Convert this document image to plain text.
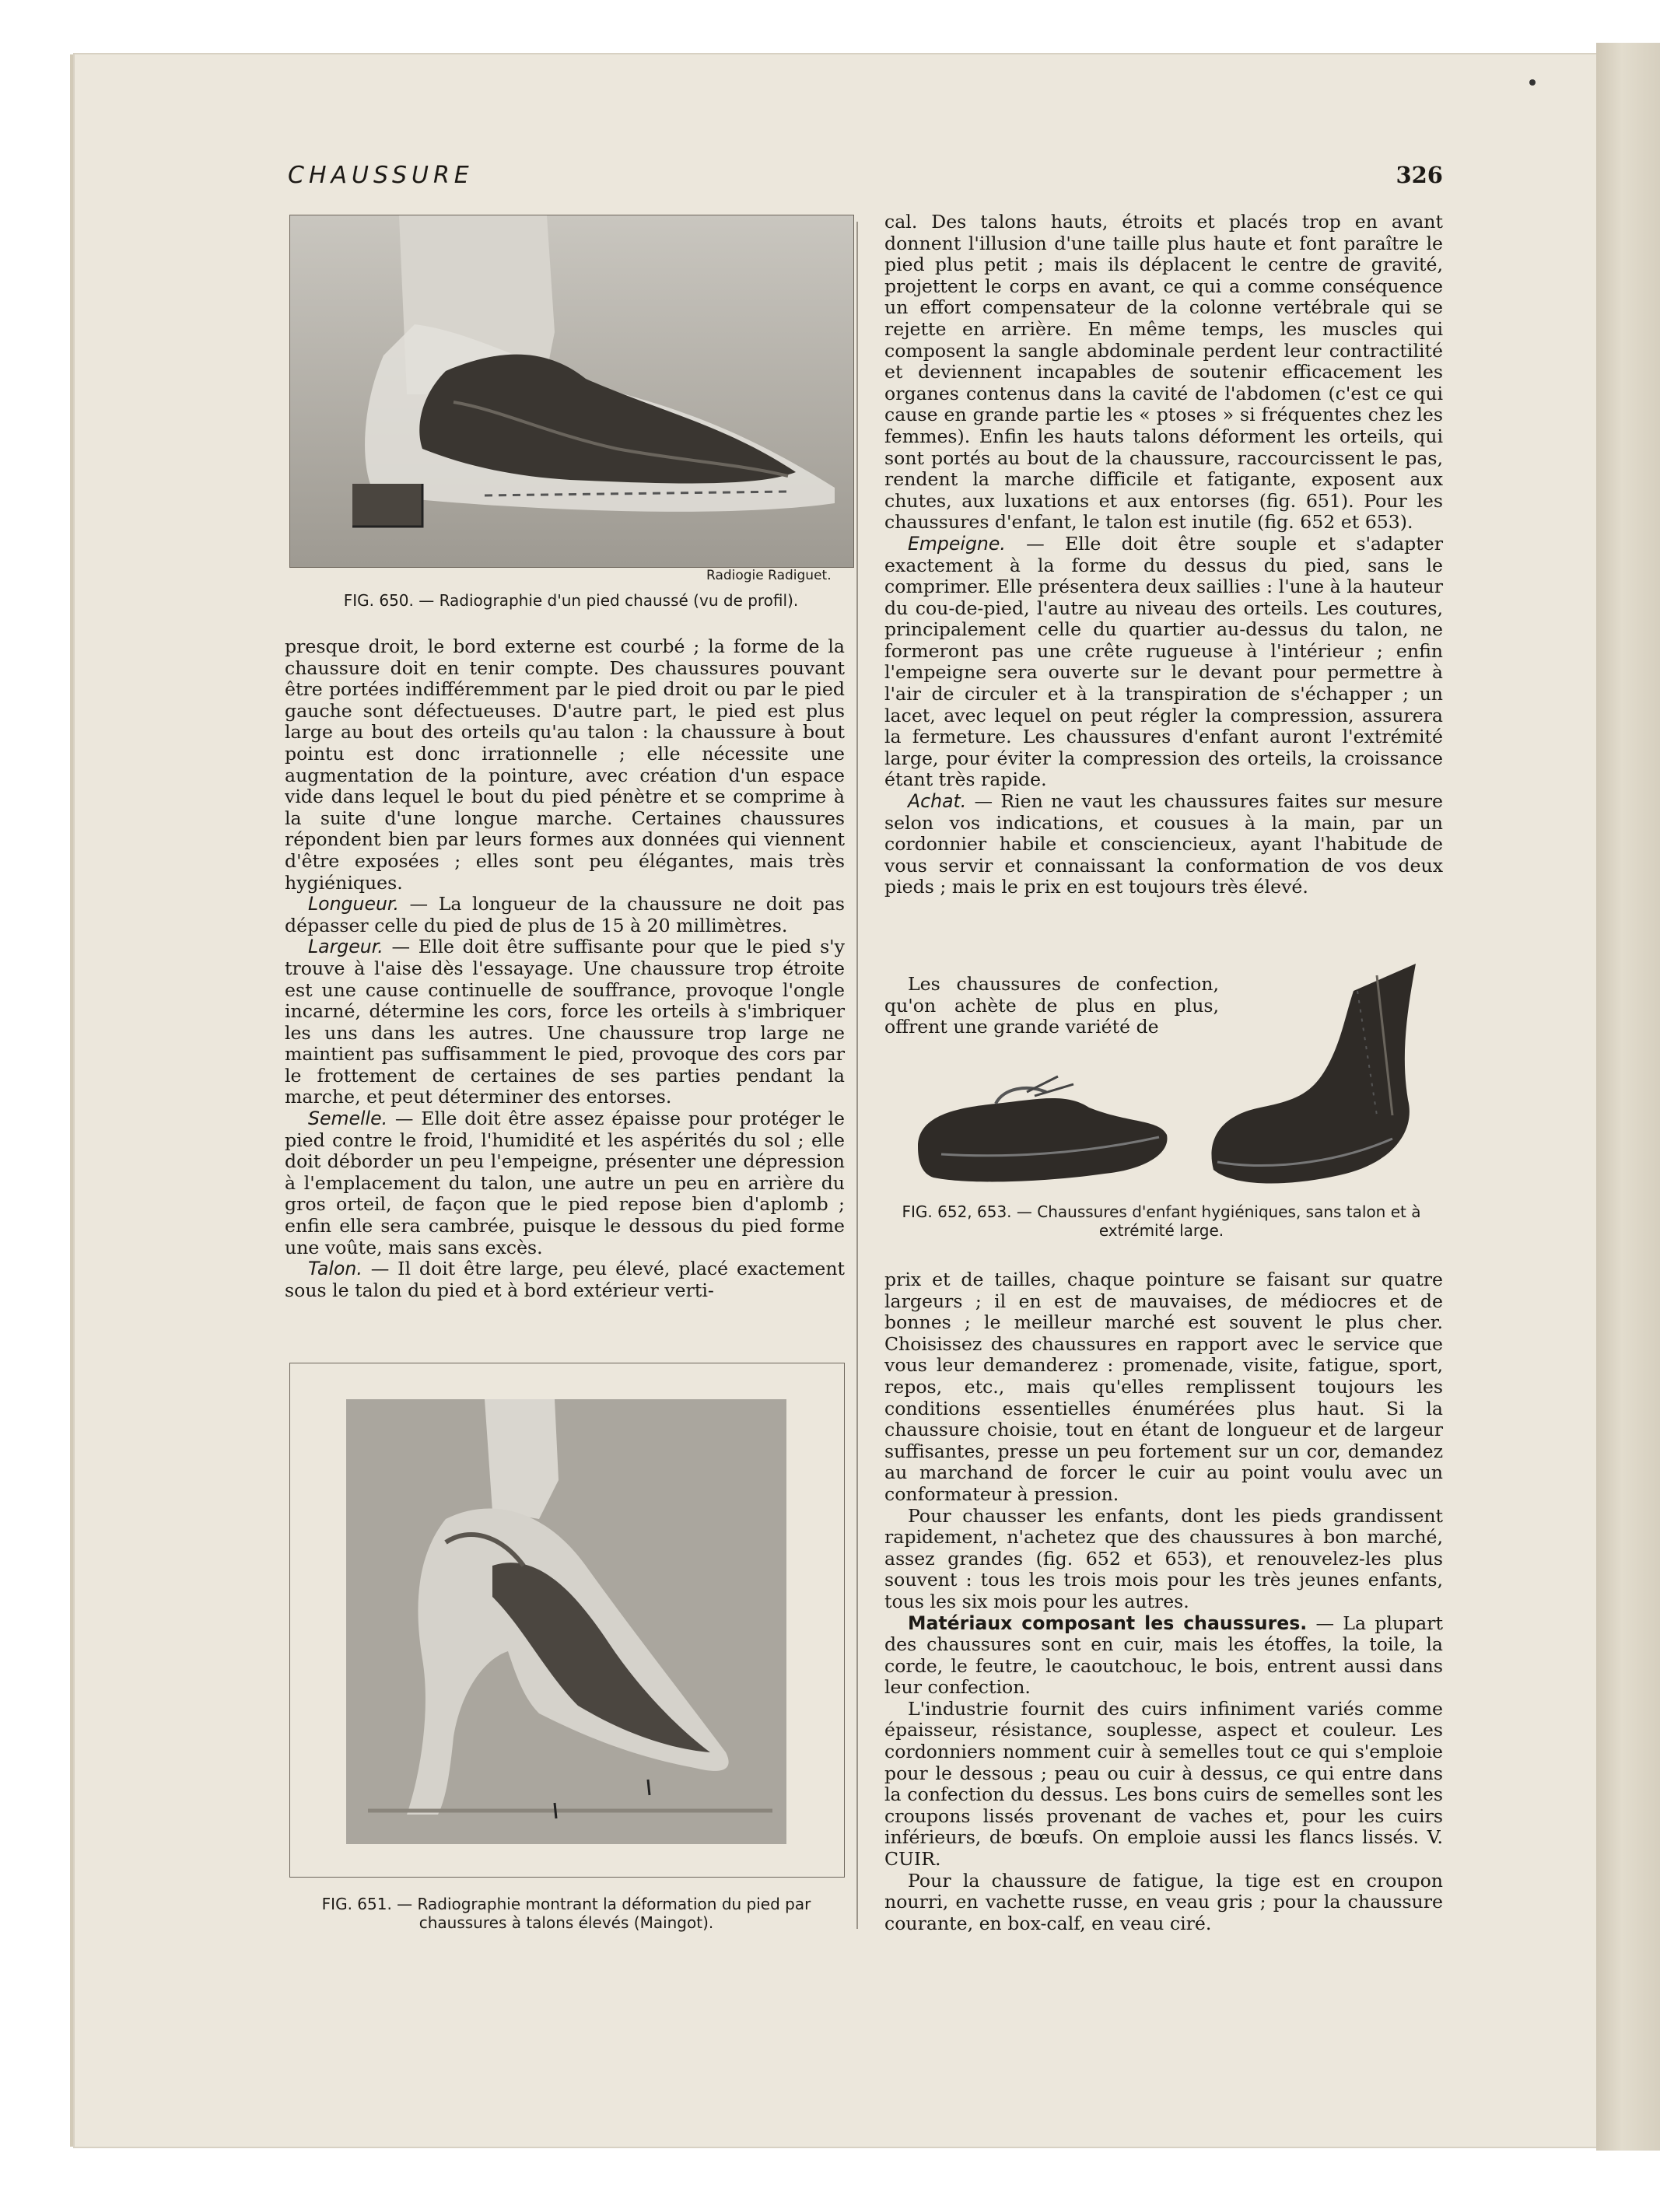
CHAUSSURE	326
Radiogie Radiguet.
FIG. 650. — Radiographie d'un pied chaussé (vu de profil).

presque droit, le bord externe est courbé ; la forme de la chaussure doit en tenir compte. Des chaussures pouvant être portées indifféremment par le pied droit ou par le pied gauche sont défectueuses. D'autre part, le pied est plus large au bout des orteils qu'au talon : la chaussure à bout pointu est donc irrationnelle ; elle nécessite une augmentation de la pointure, avec création d'un espace vide dans lequel le bout du pied pénètre et se comprime à la suite d'une longue marche. Certaines chaussures répondent bien par leurs formes aux données qui viennent d'être exposées ; elles sont peu élégantes, mais très hygiéniques.

Longueur. — La longueur de la chaussure ne doit pas dépasser celle du pied de plus de 15 à 20 millimètres.

Largeur. — Elle doit être suffisante pour que le pied s'y trouve à l'aise dès l'essayage. Une chaussure trop étroite est une cause continuelle de souffrance, provoque l'ongle incarné, détermine les cors, force les orteils à s'imbriquer les uns dans les autres. Une chaussure trop large ne maintient pas suffisamment le pied, provoque des cors par le frottement de certaines de ses parties pendant la marche, et peut déterminer des entorses.

Semelle. — Elle doit être assez épaisse pour protéger le pied contre le froid, l'humidité et les aspérités du sol ; elle doit déborder un peu l'empeigne, présenter une dépression à l'emplacement du talon, une autre un peu en arrière du gros orteil, de façon que le pied repose bien d'aplomb ; enfin elle sera cambrée, puisque le dessous du pied forme une voûte, mais sans excès.

Talon. — Il doit être large, peu élevé, placé exactement sous le talon du pied et à bord extérieur verti-

FIG. 651. — Radiographie montrant la déformation du pied par chaussures à talons élevés (Maingot).

cal. Des talons hauts, étroits et placés trop en avant donnent l'illusion d'une taille plus haute et font paraître le pied plus petit ; mais ils déplacent le centre de gravité, projettent le corps en avant, ce qui a comme conséquence un effort compensateur de la colonne vertébrale qui se rejette en arrière. En même temps, les muscles qui composent la sangle abdominale perdent leur contractilité et deviennent incapables de soutenir efficacement les organes contenus dans la cavité de l'abdomen (c'est ce qui cause en grande partie les « ptoses » si fréquentes chez les femmes). Enfin les hauts talons déforment les orteils, qui sont portés au bout de la chaussure, raccourcissent le pas, rendent la marche difficile et fatigante, exposent aux chutes, aux luxations et aux entorses (fig. 651). Pour les chaussures d'enfant, le talon est inutile (fig. 652 et 653).

Empeigne. — Elle doit être souple et s'adapter exactement à la forme du dessus du pied, sans le comprimer. Elle présentera deux saillies : l'une à la hauteur du cou-de-pied, l'autre au niveau des orteils. Les coutures, principalement celle du quartier au-dessus du talon, ne formeront pas une crête rugueuse à l'intérieur ; enfin l'empeigne sera ouverte sur le devant pour permettre à l'air de circuler et à la transpiration de s'échapper ; un lacet, avec lequel on peut régler la compression, assurera la fermeture. Les chaussures d'enfant auront l'extrémité large, pour éviter la compression des orteils, la croissance étant très rapide.

Achat. — Rien ne vaut les chaussures faites sur mesure selon vos indications, et cousues à la main, par un cordonnier habile et consciencieux, ayant l'habitude de vous servir et connaissant la conformation de vos deux pieds ; mais le prix en est toujours très élevé.

Les chaussures de confection, qu'on achète de plus en plus, offrent une grande variété de

FIG. 652, 653. — Chaussures d'enfant hygiéniques, sans talon et à extrémité large.

prix et de tailles, chaque pointure se faisant sur quatre largeurs ; il en est de mauvaises, de médiocres et de bonnes ; le meilleur marché est souvent le plus cher. Choisissez des chaussures en rapport avec le service que vous leur demanderez : promenade, visite, fatigue, sport, repos, etc., mais qu'elles remplissent toujours les conditions essentielles énumérées plus haut. Si la chaussure choisie, tout en étant de longueur et de largeur suffisantes, presse un peu fortement sur un cor, demandez au marchand de forcer le cuir au point voulu avec un conformateur à pression.

Pour chausser les enfants, dont les pieds grandissent rapidement, n'achetez que des chaussures à bon marché, assez grandes (fig. 652 et 653), et renouvelez-les plus souvent : tous les trois mois pour les très jeunes enfants, tous les six mois pour les autres.

Matériaux composant les chaussures. — La plupart des chaussures sont en cuir, mais les étoffes, la toile, la corde, le feutre, le caoutchouc, le bois, entrent aussi dans leur confection.

L'industrie fournit des cuirs infiniment variés comme épaisseur, résistance, souplesse, aspect et couleur. Les cordonniers nomment cuir à semelles tout ce qui s'emploie pour le dessous ; peau ou cuir à dessus, ce qui entre dans la confection du dessus. Les bons cuirs de semelles sont les croupons lissés provenant de vaches et, pour les cuirs inférieurs, de bœufs. On emploie aussi les flancs lissés. V. CUIR.

Pour la chaussure de fatigue, la tige est en croupon nourri, en vachette russe, en veau gris ; pour la chaussure courante, en box-calf, en veau ciré.
